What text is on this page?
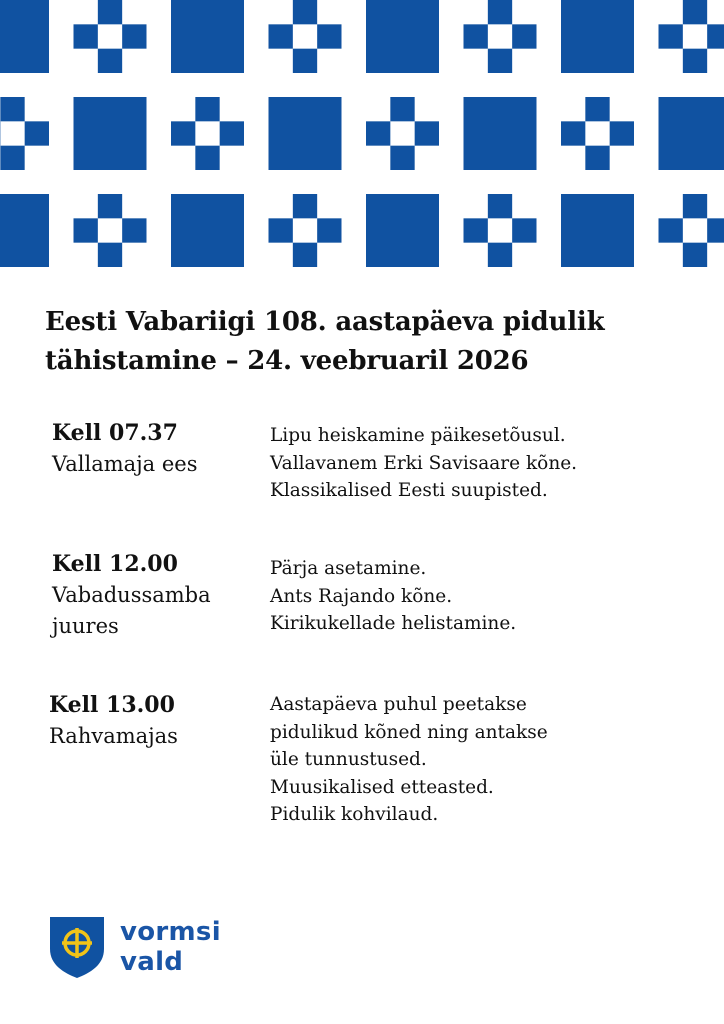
Eesti Vabariigi 108. aastapäeva pidulik
tähistamine – 24. veebruaril 2026
Kell 07.37
Vallamaja ees
Lipu heiskamine päikesetõusul.
Vallavanem Erki Savisaare kõne.
Klassikalised Eesti suupisted.
Kell 12.00
Vabadussamba
juures
Pärja asetamine.
Ants Rajando kõne.
Kirikukellade helistamine.
Kell 13.00
Rahvamajas
Aastapäeva puhul peetakse
pidulikud kõned ning antakse
üle tunnustused.
Muusikalised etteasted.
Pidulik kohvilaud.
vormsi
vald
